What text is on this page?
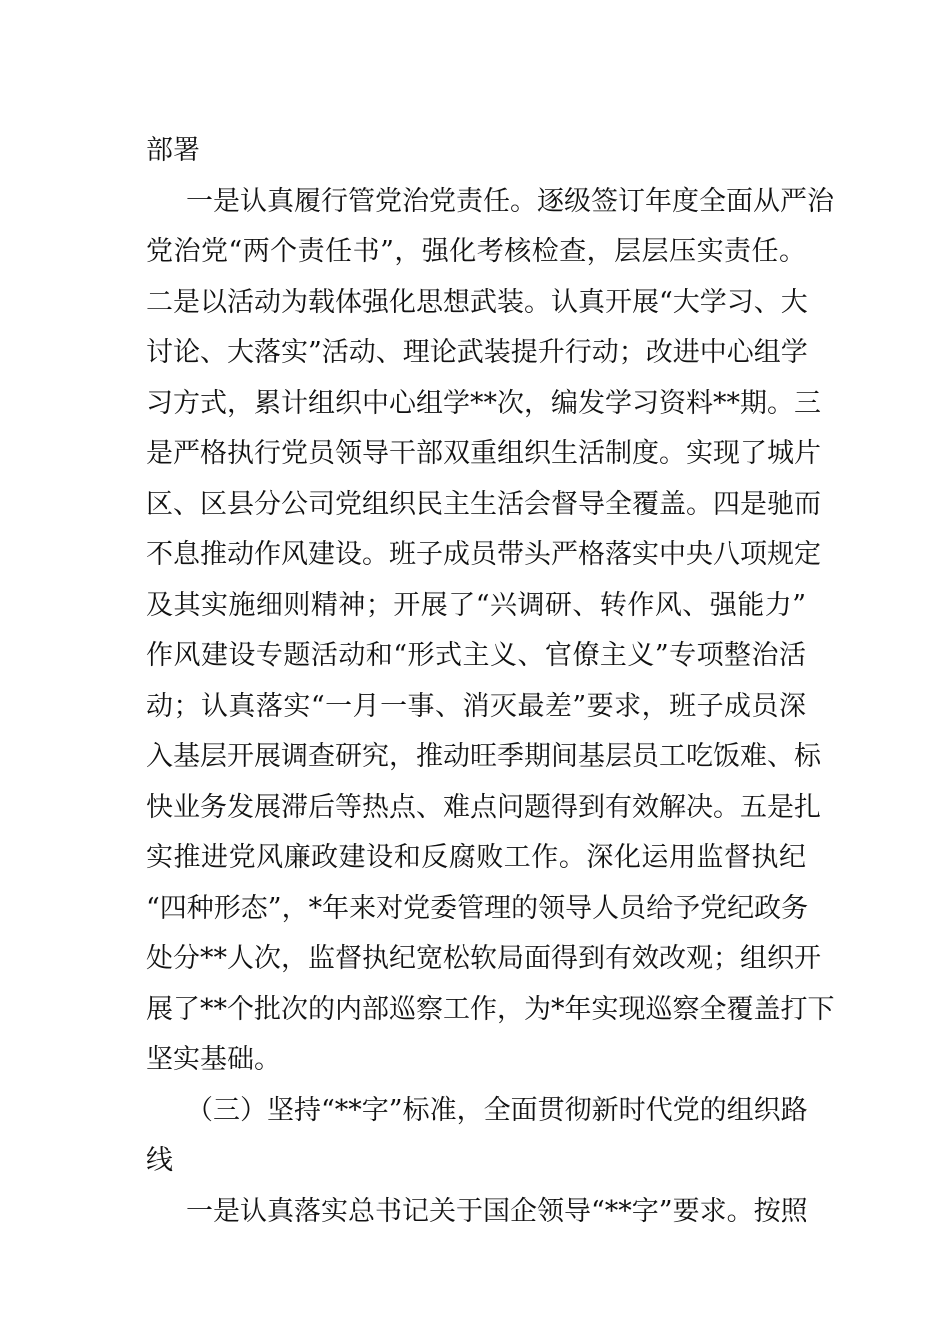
部署
一是认真履行管党治党责任。逐级签订年度全面从严治
党治党“两个责任书”，强化考核检查，层层压实责任。
二是以活动为载体强化思想武装。认真开展“大学习、大
讨论、大落实”活动、理论武装提升行动；改进中心组学
习方式，累计组织中心组学**次，编发学习资料**期。三
是严格执行党员领导干部双重组织生活制度。实现了城片
区、区县分公司党组织民主生活会督导全覆盖。四是驰而
不息推动作风建设。班子成员带头严格落实中央八项规定
及其实施细则精神；开展了“兴调研、转作风、强能力”
作风建设专题活动和“形式主义、官僚主义”专项整治活
动；认真落实“一月一事、消灭最差”要求，班子成员深
入基层开展调查研究，推动旺季期间基层员工吃饭难、标
快业务发展滞后等热点、难点问题得到有效解决。五是扎
实推进党风廉政建设和反腐败工作。深化运用监督执纪
“四种形态”，*年来对党委管理的领导人员给予党纪政务
处分**人次，监督执纪宽松软局面得到有效改观；组织开
展了**个批次的内部巡察工作，为*年实现巡察全覆盖打下
坚实基础。
（三）坚持“**字”标准，全面贯彻新时代党的组织路
线
一是认真落实总书记关于国企领导“**字”要求。按照
